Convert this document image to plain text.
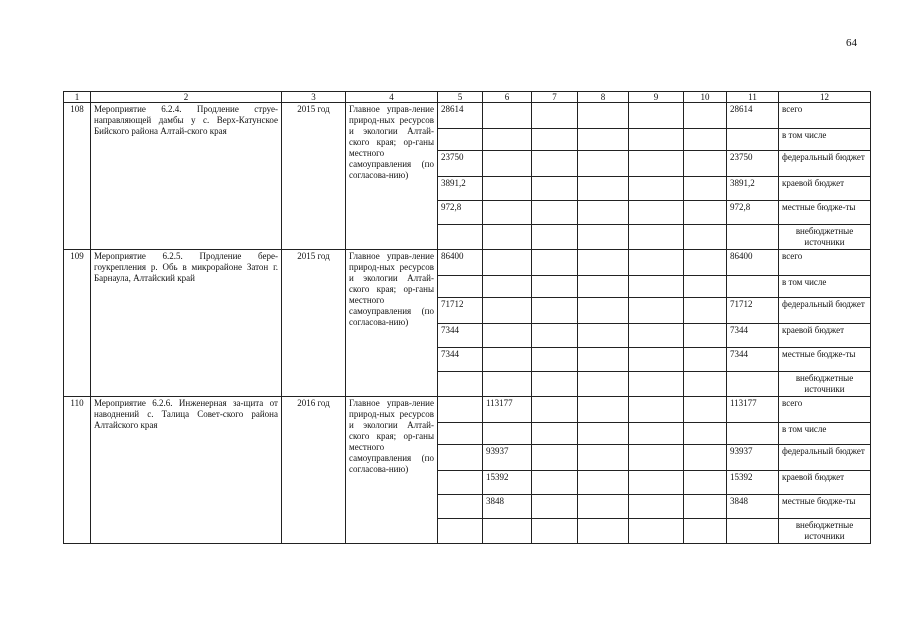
64
1	2	3	4	5	6	7	8	9	10	11	12
108	Мероприятие 6.2.4. Продление струе-направляющей дамбы у с. Верх-Катунское Бийского района Алтай-ского края	2015 год	Главное управ-ление природ-ных ресурсов и экологии Алтай-ского края; ор-ганы местного самоуправления (по согласова-нию)	28614						28614	всего
											в том числе
				23750						23750	федеральный бюджет
				3891,2						3891,2	краевой бюджет
				972,8						972,8	местные бюдже-ты
											внебюджетные источники
109	Мероприятие 6.2.5. Продление бере-гоукрепления р. Обь в микрорайоне Затон г. Барнаула, Алтайский край	2015 год	Главное управ-ление природ-ных ресурсов и экологии Алтай-ского края; ор-ганы местного самоуправления (по согласова-нию)	86400						86400	всего
											в том числе
				71712						71712	федеральный бюджет
				7344						7344	краевой бюджет
				7344						7344	местные бюдже-ты
											внебюджетные источники
110	Мероприятие 6.2.6. Инженерная за-щита от наводнений с. Талица Совет-ского района Алтайского края	2016 год	Главное управ-ление природ-ных ресурсов и экологии Алтай-ского края; ор-ганы местного самоуправления (по согласова-нию)		113177					113177	всего
											в том числе
					93937					93937	федеральный бюджет
					15392					15392	краевой бюджет
					3848					3848	местные бюдже-ты
											внебюджетные источники
